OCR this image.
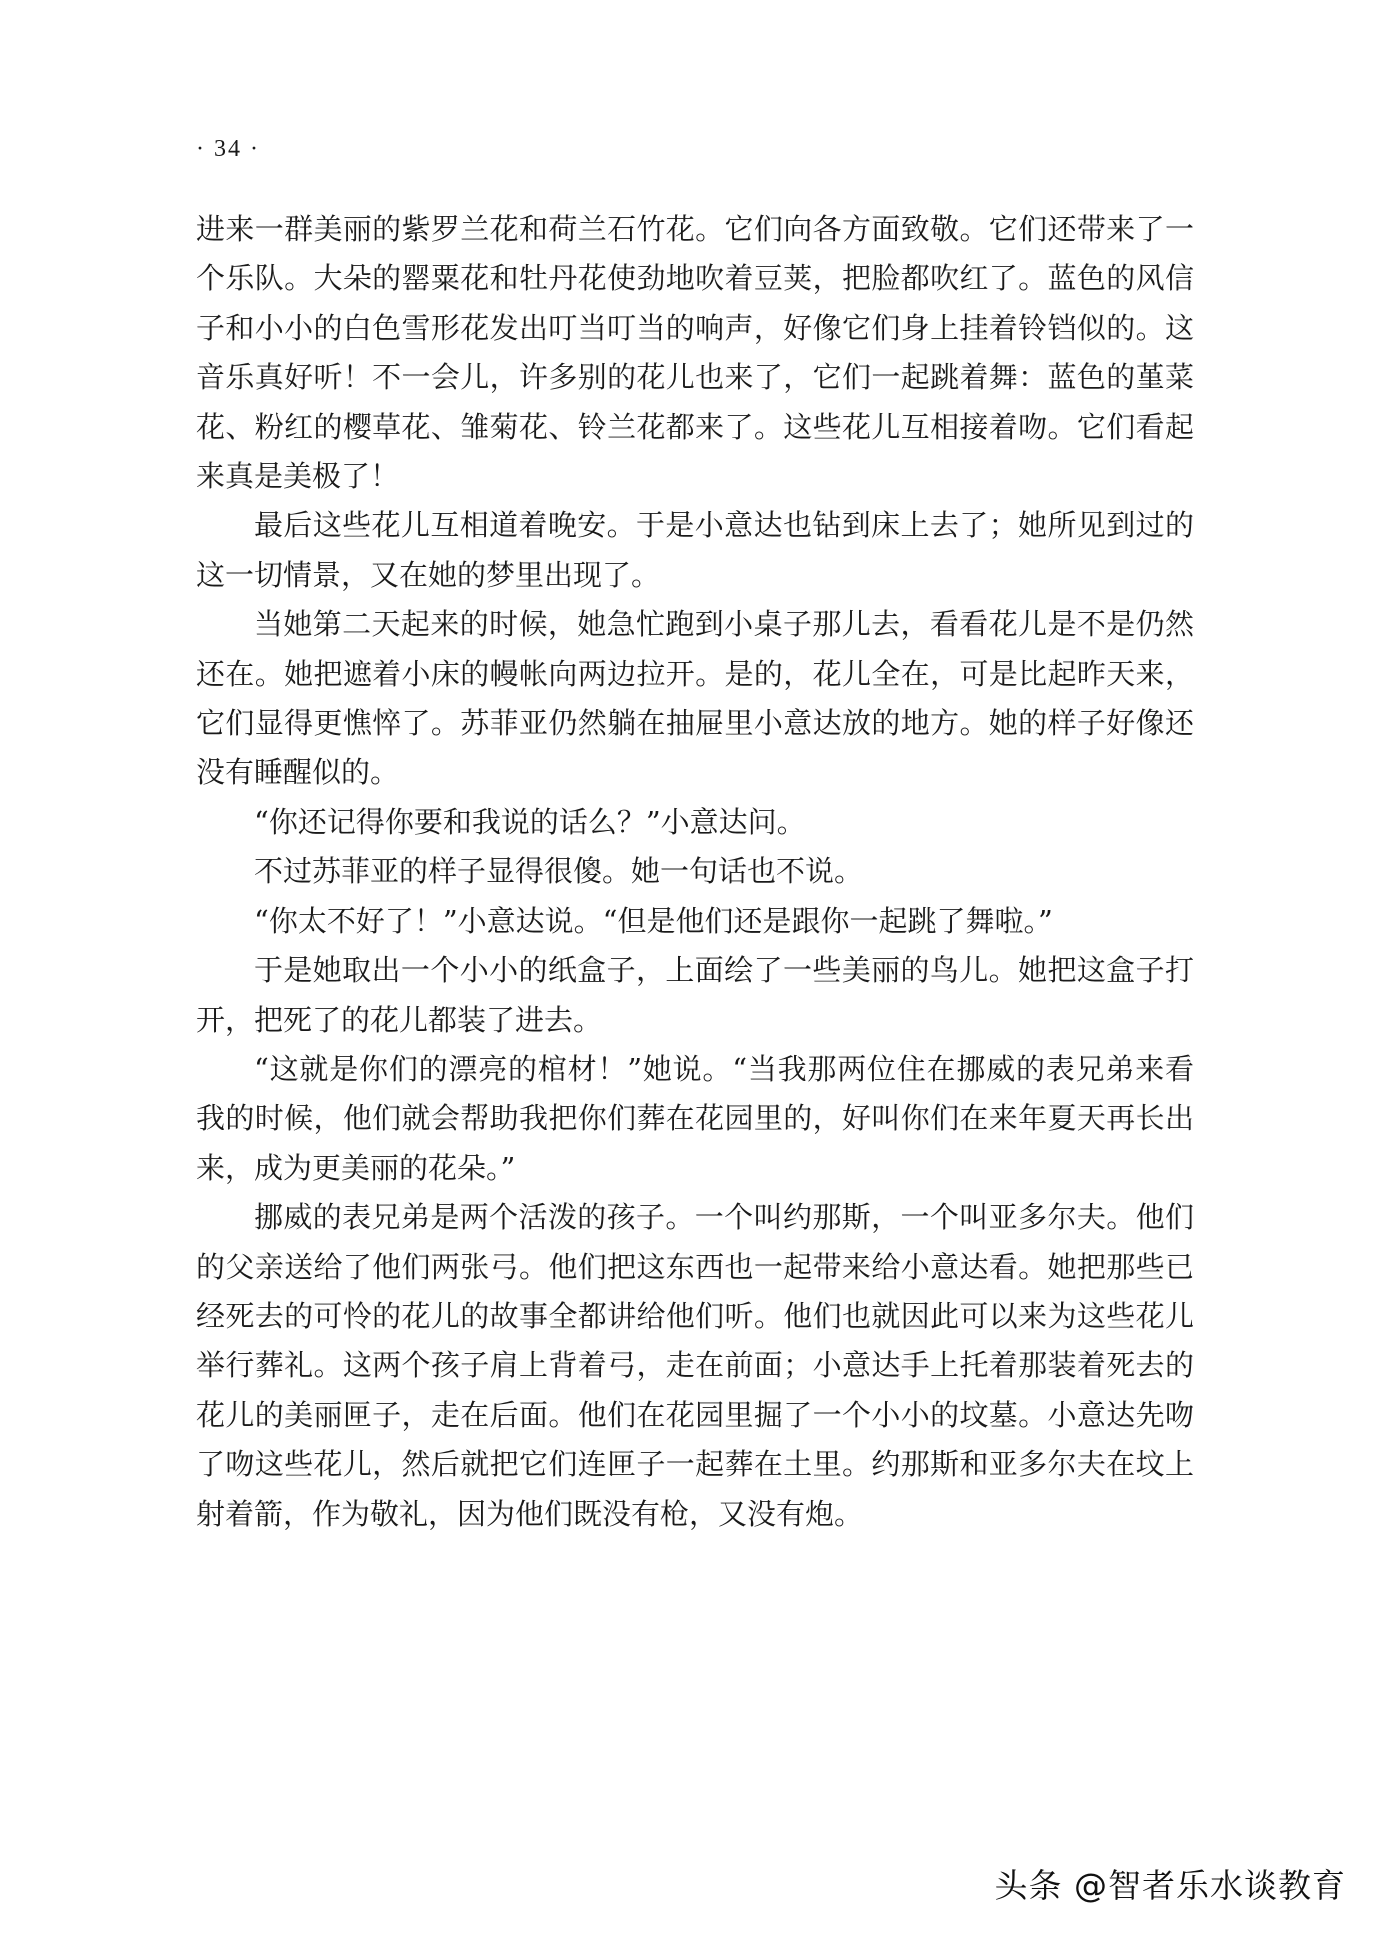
· 34 ·

进来一群美丽的紫罗兰花和荷兰石竹花。它们向各方面致敬。它们还带来了一个乐队。大朵的罂粟花和牡丹花使劲地吹着豆荚，把脸都吹红了。蓝色的风信子和小小的白色雪形花发出叮当叮当的响声，好像它们身上挂着铃铛似的。这音乐真好听！不一会儿，许多别的花儿也来了，它们一起跳着舞：蓝色的堇菜花、粉红的樱草花、雏菊花、铃兰花都来了。这些花儿互相接着吻。它们看起来真是美极了！

最后这些花儿互相道着晚安。于是小意达也钻到床上去了；她所见到过的这一切情景，又在她的梦里出现了。

当她第二天起来的时候，她急忙跑到小桌子那儿去，看看花儿是不是仍然还在。她把遮着小床的幔帐向两边拉开。是的，花儿全在，可是比起昨天来，它们显得更憔悴了。苏菲亚仍然躺在抽屉里小意达放的地方。她的样子好像还没有睡醒似的。

“你还记得你要和我说的话么？”小意达问。

不过苏菲亚的样子显得很傻。她一句话也不说。

“你太不好了！”小意达说。“但是他们还是跟你一起跳了舞啦。”

于是她取出一个小小的纸盒子，上面绘了一些美丽的鸟儿。她把这盒子打开，把死了的花儿都装了进去。

“这就是你们的漂亮的棺材！”她说。“当我那两位住在挪威的表兄弟来看我的时候，他们就会帮助我把你们葬在花园里的，好叫你们在来年夏天再长出来，成为更美丽的花朵。”

挪威的表兄弟是两个活泼的孩子。一个叫约那斯，一个叫亚多尔夫。他们的父亲送给了他们两张弓。他们把这东西也一起带来给小意达看。她把那些已经死去的可怜的花儿的故事全都讲给他们听。他们也就因此可以来为这些花儿举行葬礼。这两个孩子肩上背着弓，走在前面；小意达手上托着那装着死去的花儿的美丽匣子，走在后面。他们在花园里掘了一个小小的坟墓。小意达先吻了吻这些花儿，然后就把它们连匣子一起葬在土里。约那斯和亚多尔夫在坟上射着箭，作为敬礼，因为他们既没有枪，又没有炮。

头条 @智者乐水谈教育
